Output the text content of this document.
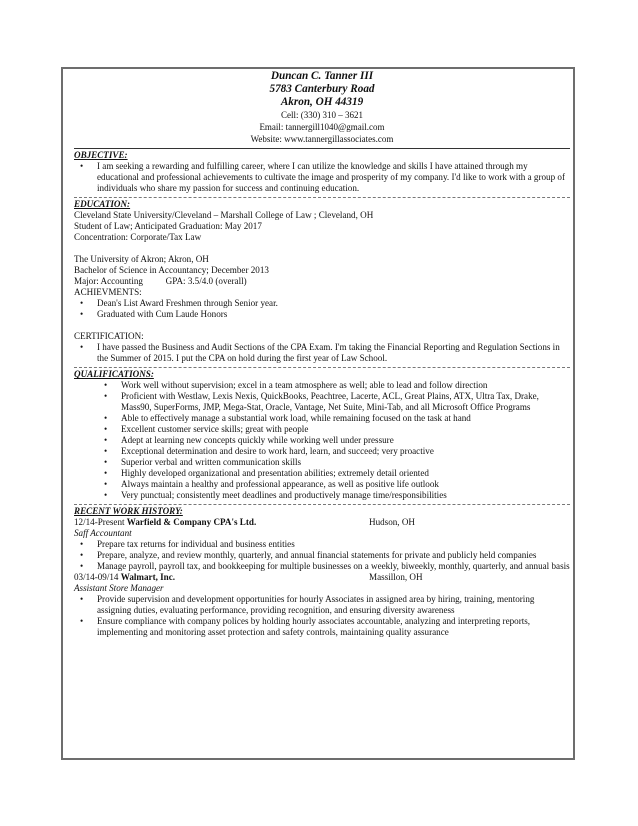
Duncan C. Tanner III
5783 Canterbury Road
Akron, OH 44319
Cell: (330) 310 – 3621
Email: tannergill1040@gmail.com
Website: www.tannergillassociates.com
OBJECTIVE:
• I am seeking a rewarding and fulfilling career, where I can utilize the knowledge and skills I have attained through my educational and professional achievements to cultivate the image and prosperity of my company. I'd like to work with a group of individuals who share my passion for success and continuing education.
EDUCATION:
Cleveland State University/Cleveland – Marshall College of Law ; Cleveland, OH
Student of Law; Anticipated Graduation: May 2017
Concentration: Corporate/Tax Law
The University of Akron; Akron, OH
Bachelor of Science in Accountancy; December 2013
Major: Accounting          GPA: 3.5/4.0 (overall)
ACHIEVMENTS:
• Dean's List Award Freshmen through Senior year.
• Graduated with Cum Laude Honors
CERTIFICATION:
• I have passed the Business and Audit Sections of the CPA Exam. I'm taking the Financial Reporting and Regulation Sections in the Summer of 2015. I put the CPA on hold during the first year of Law School.
QUALIFICATIONS:
• Work well without supervision; excel in a team atmosphere as well; able to lead and follow direction
• Proficient with Westlaw, Lexis Nexis, QuickBooks, Peachtree, Lacerte, ACL, Great Plains, ATX, Ultra Tax, Drake, Mass90, SuperForms, JMP, Mega-Stat, Oracle, Vantage, Net Suite, Mini-Tab, and all Microsoft Office Programs
• Able to effectively manage a substantial work load, while remaining focused on the task at hand
• Excellent customer service skills; great with people
• Adept at learning new concepts quickly while working well under pressure
• Exceptional determination and desire to work hard, learn, and succeed; very proactive
• Superior verbal and written communication skills
• Highly developed organizational and presentation abilities; extremely detail oriented
• Always maintain a healthy and professional appearance, as well as positive life outlook
• Very punctual; consistently meet deadlines and productively manage time/responsibilities
RECENT WORK HISTORY:
12/14-Present Warfield & Company CPA's Ltd.	Hudson, OH
Saff Accountant
• Prepare tax returns for individual and business entities
• Prepare, analyze, and review monthly, quarterly, and annual financial statements for private and publicly held companies
• Manage payroll, payroll tax, and bookkeeping for multiple businesses on a weekly, biweekly, monthly, quarterly, and annual basis
03/14-09/14 Walmart, Inc.	Massillon, OH
Assistant Store Manager
• Provide supervision and development opportunities for hourly Associates in assigned area by hiring, training, mentoring assigning duties, evaluating performance, providing recognition, and ensuring diversity awareness
• Ensure compliance with company polices by holding hourly associates accountable, analyzing and interpreting reports, implementing and monitoring asset protection and safety controls, maintaining quality assurance
